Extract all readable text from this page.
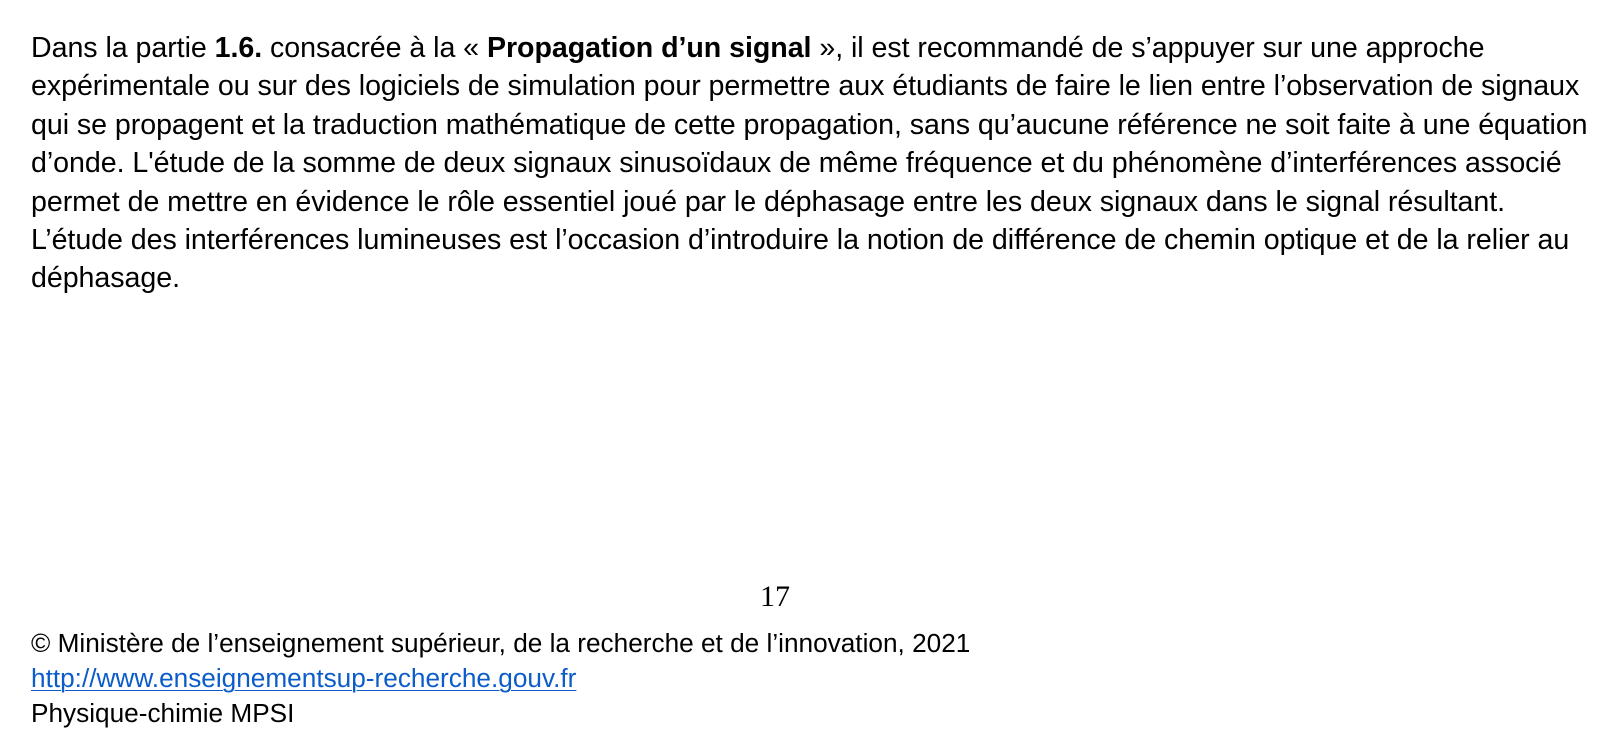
Dans la partie 1.6. consacrée à la « Propagation d’un signal », il est recommandé de s’appuyer sur une approche expérimentale ou sur des logiciels de simulation pour permettre aux étudiants de faire le lien entre l’observation de signaux qui se propagent et la traduction mathématique de cette propagation, sans qu’aucune référence ne soit faite à une équation d’onde. L'étude de la somme de deux signaux sinusoïdaux de même fréquence et du phénomène d’interférences associé permet de mettre en évidence le rôle essentiel joué par le déphasage entre les deux signaux dans le signal résultant. L’étude des interférences lumineuses est l’occasion d’introduire la notion de différence de chemin optique et de la relier au déphasage.

17
© Ministère de l’enseignement supérieur, de la recherche et de l’innovation, 2021
http://www.enseignementsup-recherche.gouv.fr
Physique-chimie MPSI
